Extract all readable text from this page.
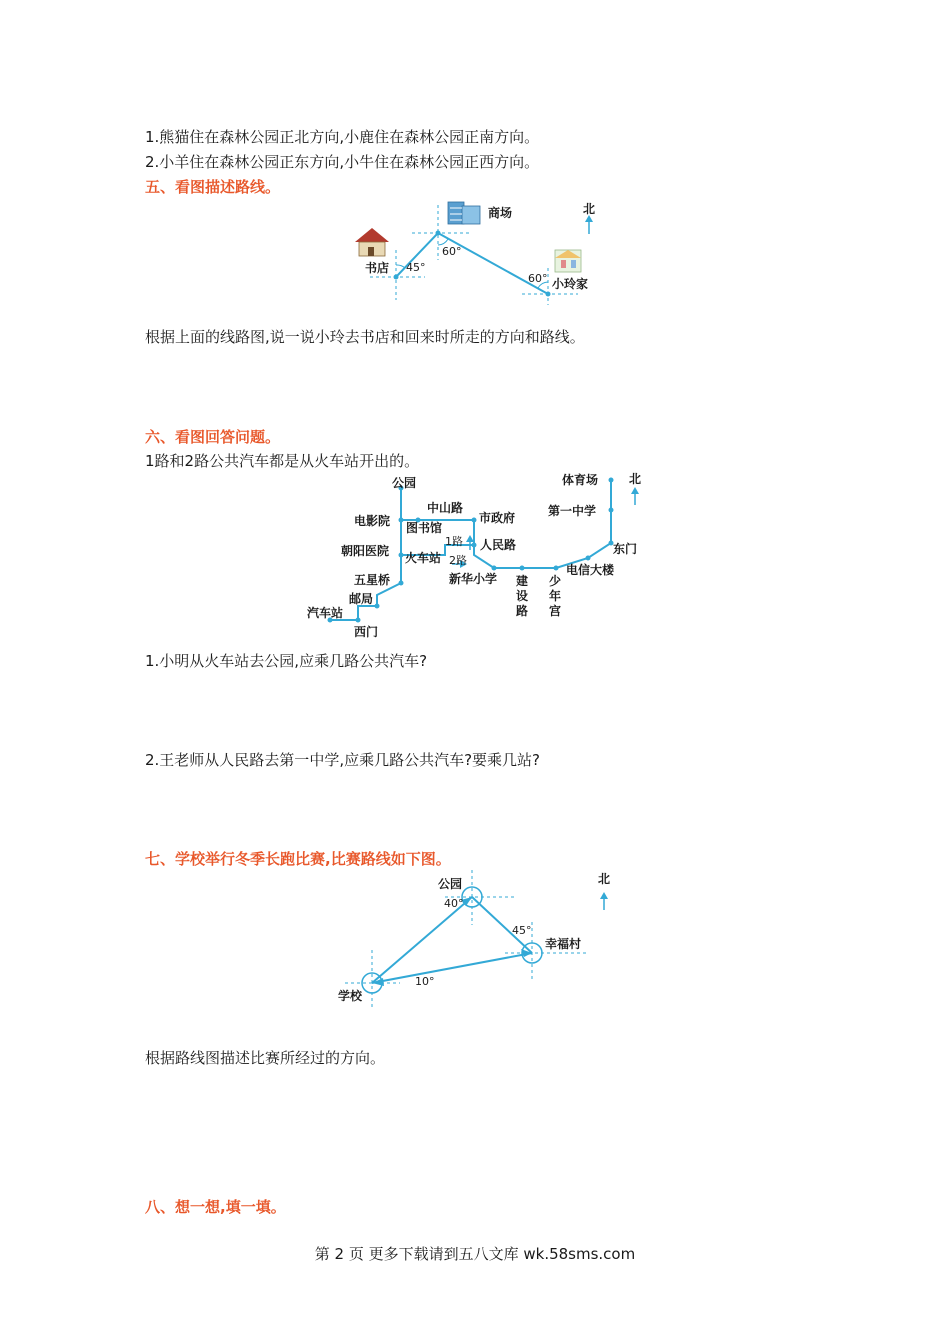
1.熊猫住在森林公园正北方向,小鹿住在森林公园正南方向。
2.小羊住在森林公园正东方向,小牛住在森林公园正西方向。
五、看图描述路线。
书店
商场
小玲家
北
45°
60°
60°
根据上面的线路图,说一说小玲去书店和回来时所走的方向和路线。
六、看图回答问题。
1路和2路公共汽车都是从火车站开出的。
公园
电影院 图书馆
中山路
市政府
朝阳医院 火车站
1路
2路
人民路
五星桥
邮局
汽车站
西门
新华小学 建
设
路
少
年
宫
电信大楼
东门
第一中学
体育场	北
1.小明从火车站去公园,应乘几路公共汽车?
2.王老师从人民路去第一中学,应乘几路公共汽车?要乘几站?
七、学校举行冬季长跑比赛,比赛路线如下图。
公园
40°
45°
幸福村
10°
学校
北
根据路线图描述比赛所经过的方向。
八、想一想,填一填。
第 2 页 更多下载请到五八文库 wk.58sms.com
